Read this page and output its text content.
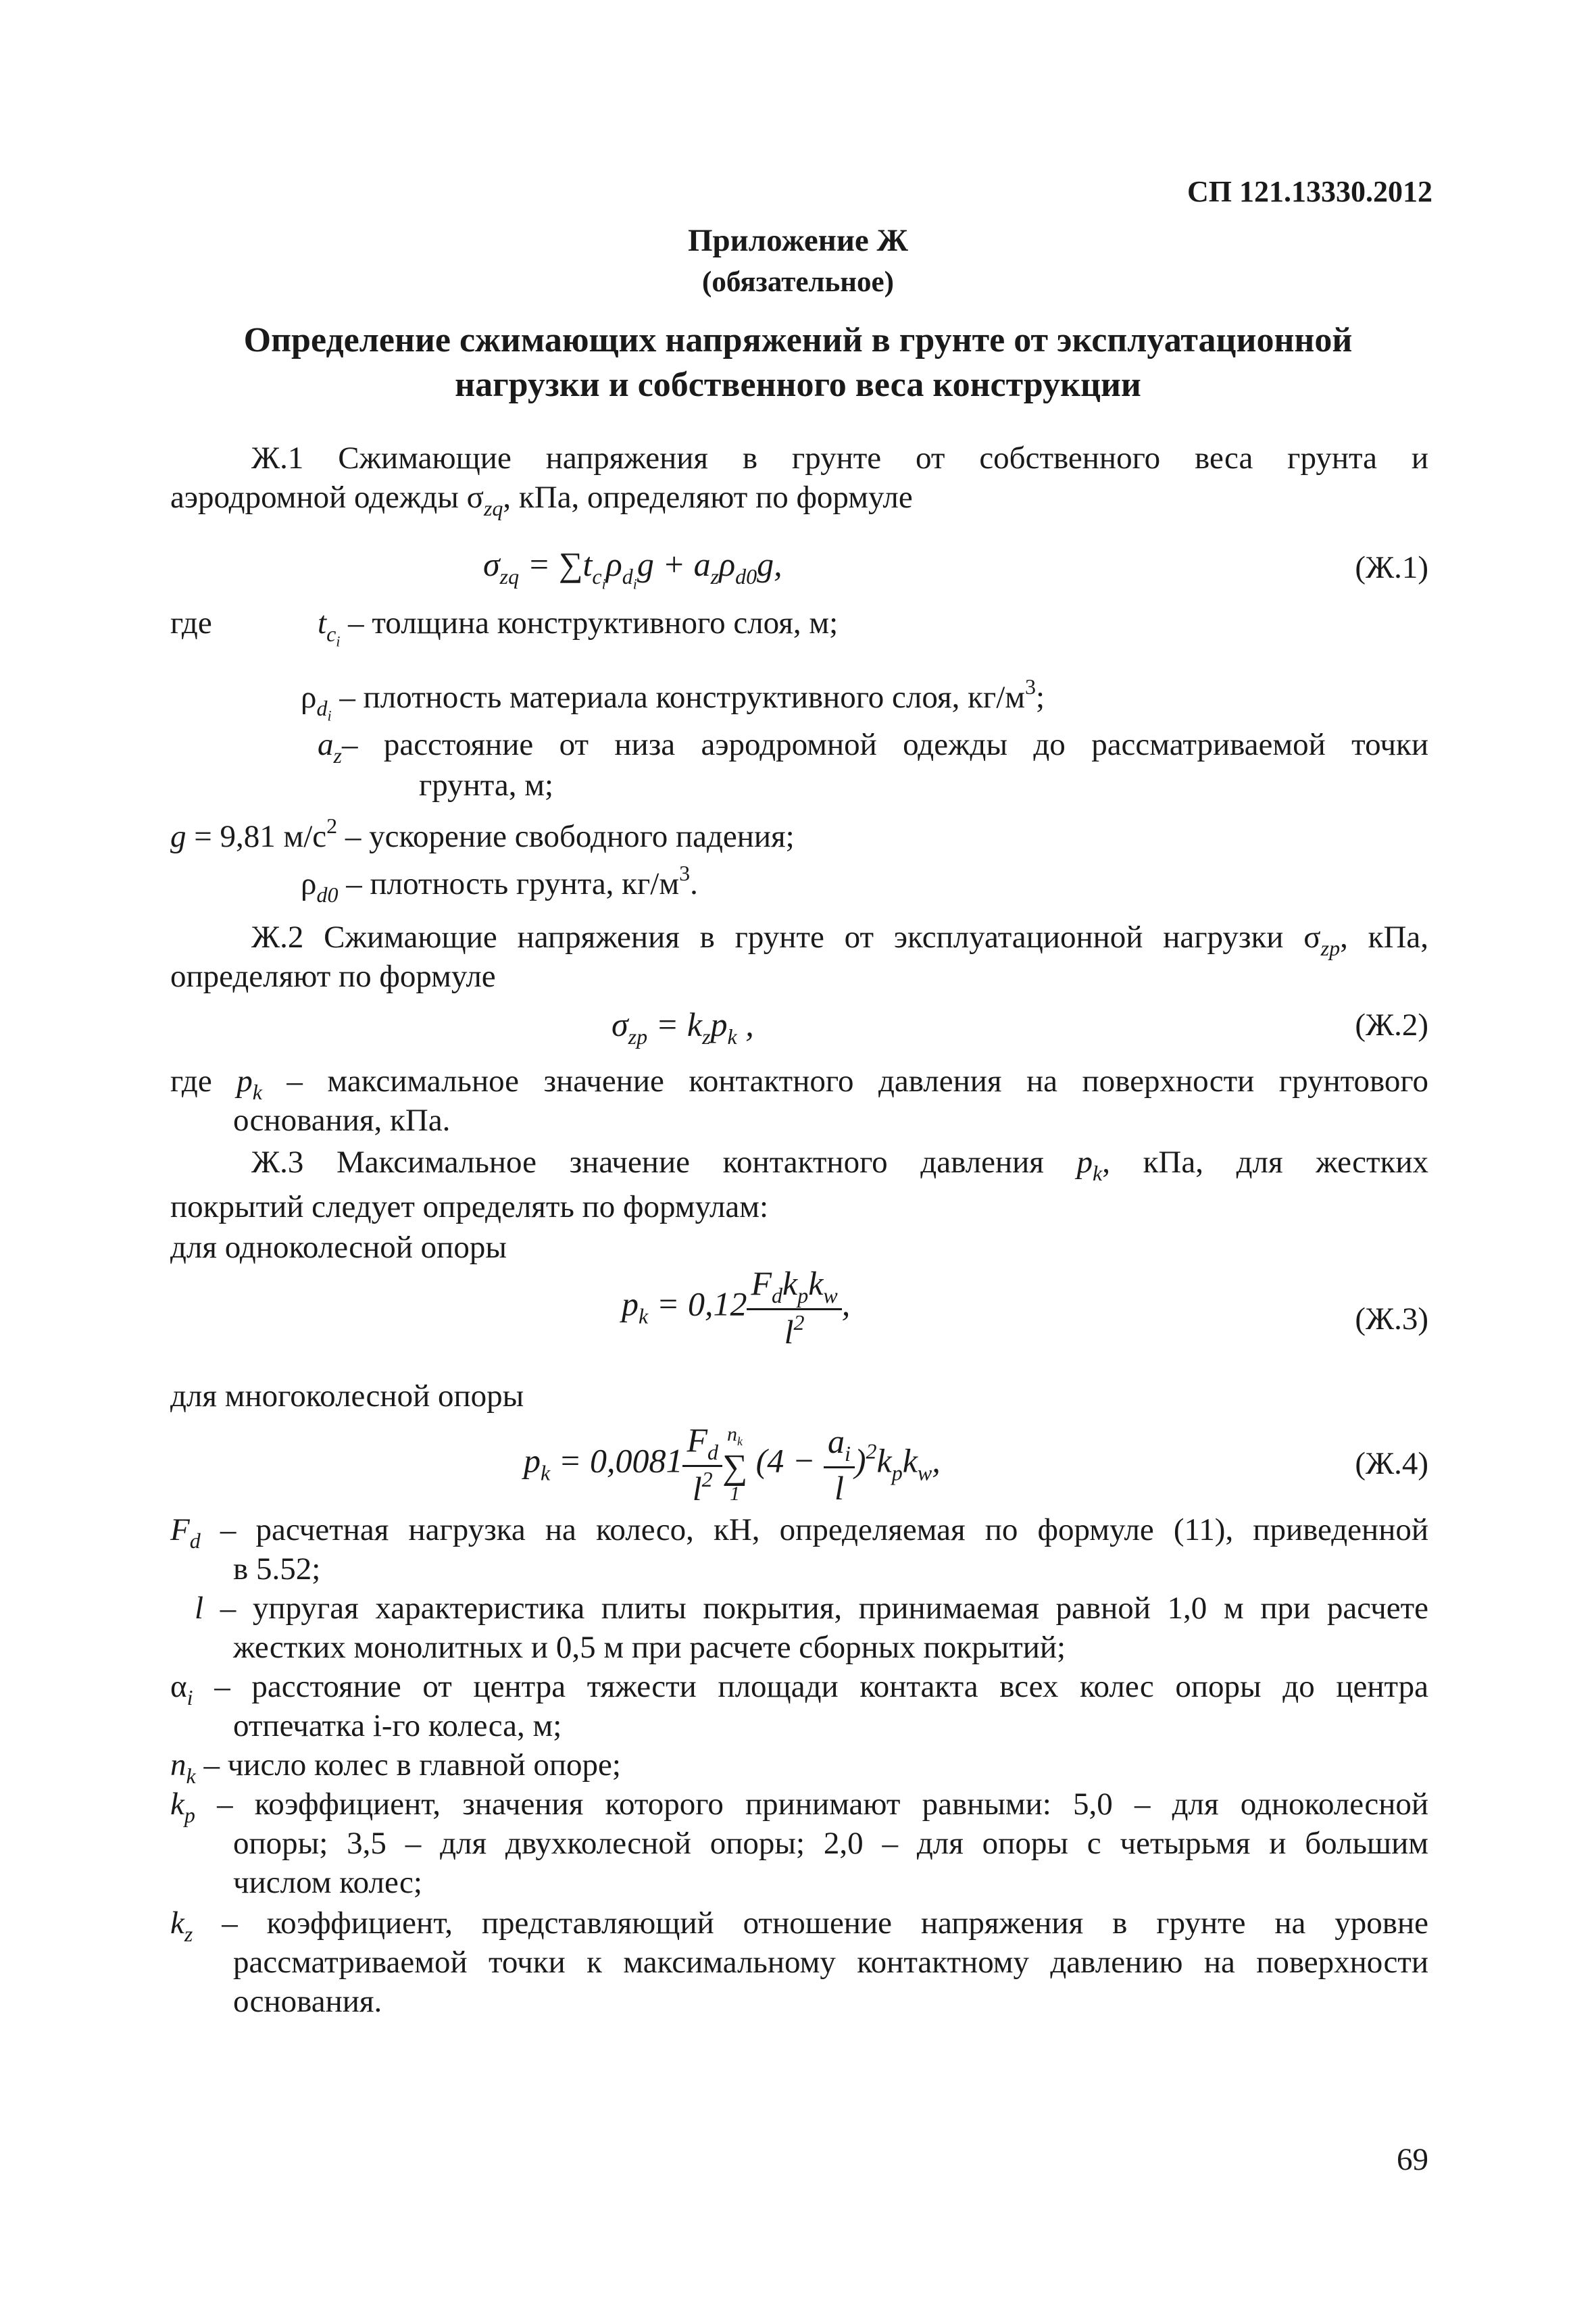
СП 121.13330.2012
Приложение Ж
(обязательное)
Определение сжимающих напряжений в грунте от эксплуатационной
нагрузки и собственного веса конструкции
Ж.1 Сжимающие напряжения в грунте от собственного веса грунта и
аэродромной одежды $\sigma_{zq}$, кПа, определяют по формуле
$\sigma_{zq} = \sum t_{c_i}\rho_{d_i}g + a_z\rho_{d0}g$,	(Ж.1)
где	$t_{c_i}$ – толщина конструктивного слоя, м;
$\rho_{d_i}$ – плотность материала конструктивного слоя, $кг/м^3$;
$a_z-$ расстояние от низа аэродромной одежды до рассматриваемой точки
грунта, м;
g = 9,81 $м/с^2$ – ускорение свободного падения;
$\rho_{d0}$ – плотность грунта, $кг/м^3$.
Ж.2 Сжимающие напряжения в грунте от эксплуатационной нагрузки $\sigma_{zp}$, кПа,
определяют по формуле
$\sigma_{zp} = k_zp_k$ ,	(Ж.2)
где $p_k$ – максимальное значение контактного давления на поверхности грунтового
основания, кПа.
Ж.3 Максимальное значение контактного давления $p_k$, кПа, для жестких
покрытий следует определять по формулам:
для одноколесной опоры
$p_k = 0,12 \frac{F_dk_pk_w}{l^2}$ ,	(Ж.3)
для многоколесной опоры
$p_k = 0,0081 \frac{F_d}{l^2} n_k$
∑
1 $(4 - \frac{a_i}{l} )^2k_pk_w$,	(Ж.4)
$F_d$ – расчетная нагрузка на колесо, кН, определяемая по формуле (11), приведенной
в 5.52;
l – упругая характеристика плиты покрытия, принимаемая равной 1,0 м при расчете
жестких монолитных и 0,5 м при расчете сборных покрытий;
$\alpha_i$ – расстояние от центра тяжести площади контакта всех колес опоры до центра
отпечатка i-го колеса, м;
$n_k$ – число колес в главной опоре;
$k_p$ – коэффициент, значения которого принимают равными: 5,0 – для одноколесной
опоры; 3,5 – для двухколесной опоры; 2,0 – для опоры с четырьмя и большим
числом колес;
$k_z$ – коэффициент, представляющий отношение напряжения в грунте на уровне
рассматриваемой точки к максимальному контактному давлению на поверхности
основания.
69
